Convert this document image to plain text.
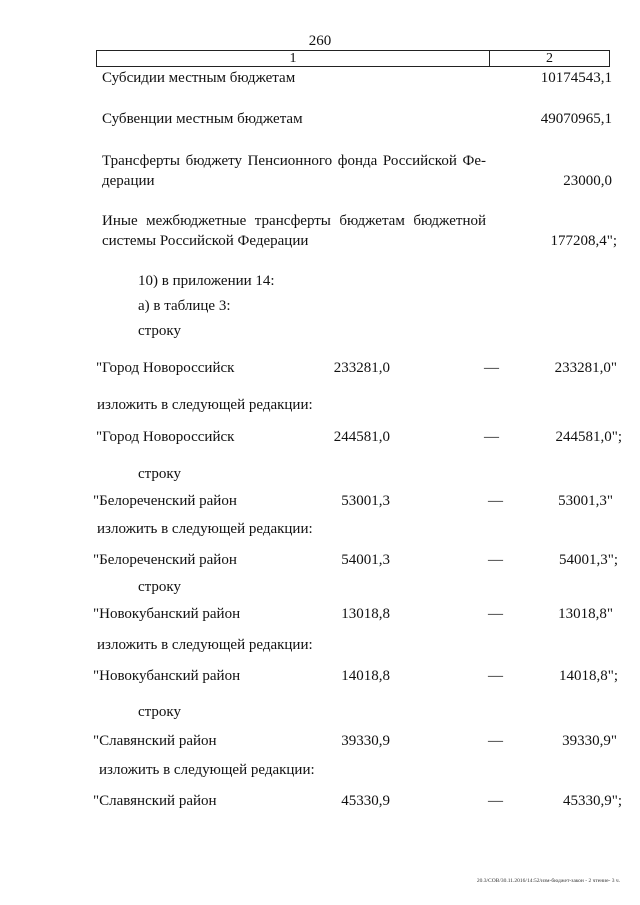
260
1	2
Субсидии местным бюджетам	10174543,1
Субвенции местным бюджетам	49070965,1
Трансферты бюджету Пенсионного фонда Российской Фе-
дерации	23000,0
Иные межбюджетные трансферты бюджетам бюджетной
системы Российской Федерации	177208,4";
10) в приложении 14:
а) в таблице 3:
строку
"Город Новороссийск	233281,0	—	233281,0"
изложить в следующей редакции:
"Город Новороссийск	244581,0	—	244581,0";
строку
"Белореченский район	53001,3	—	53001,3"
изложить в следующей редакции:
"Белореченский район	54001,3	—	54001,3";
строку
"Новокубанский район	13018,8	—	13018,8"
изложить в следующей редакции:
"Новокубанский район	14018,8	—	14018,8";
строку
"Славянский район	39330,9	—	39330,9"
изложить в следующей редакции:
"Славянский район	45330,9	—	45330,9";
20.3/СОВ/30.11.2016/14:52/изм-бюджет-закон - 2 чтение- 3 ч.
